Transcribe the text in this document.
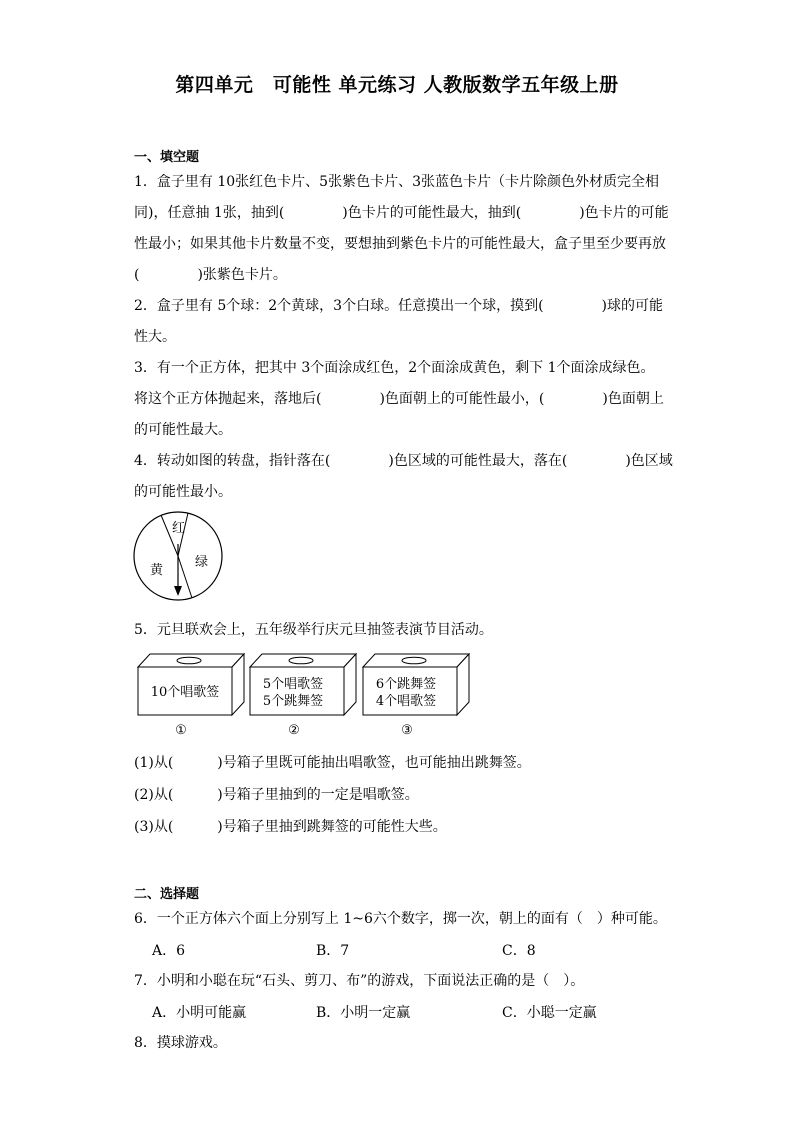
第四单元　可能性 单元练习 人教版数学五年级上册
一、填空题
1．盒子里有 10张红色卡片、5张紫色卡片、3张蓝色卡片（卡片除颜色外材质完全相
同)，任意抽 1张，抽到(	)色卡片的可能性最大，抽到(	)色卡片的可能
性最小；如果其他卡片数量不变，要想抽到紫色卡片的可能性最大，盒子里至少要再放
(	)张紫色卡片。
2．盒子里有 5个球：2个黄球，3个白球。任意摸出一个球，摸到(	)球的可能
性大。
3．有一个正方体，把其中 3个面涂成红色，2个面涂成黄色，剩下 1个面涂成绿色。
将这个正方体抛起来，落地后(	)色面朝上的可能性最小，(	)色面朝上
的可能性最大。
4．转动如图的转盘，指针落在(	)色区域的可能性最大，落在(	)色区域
的可能性最小。
红
黄
绿
5．元旦联欢会上，五年级举行庆元旦抽签表演节目活动。
10个唱歌签
①
5个唱歌签
5个跳舞签
②
6个跳舞签
4个唱歌签
③
(1)从(	)号箱子里既可能抽出唱歌签，也可能抽出跳舞签。
(2)从(	)号箱子里抽到的一定是唱歌签。
(3)从(	)号箱子里抽到跳舞签的可能性大些。
二、选择题
6．一个正方体六个面上分别写上 1~6六个数字，掷一次，朝上的面有（　）种可能。
A．6	B．7	C．8
7．小明和小聪在玩“石头、剪刀、布”的游戏，下面说法正确的是（　）。
A．小明可能赢	B．小明一定赢	C．小聪一定赢
8．摸球游戏。
